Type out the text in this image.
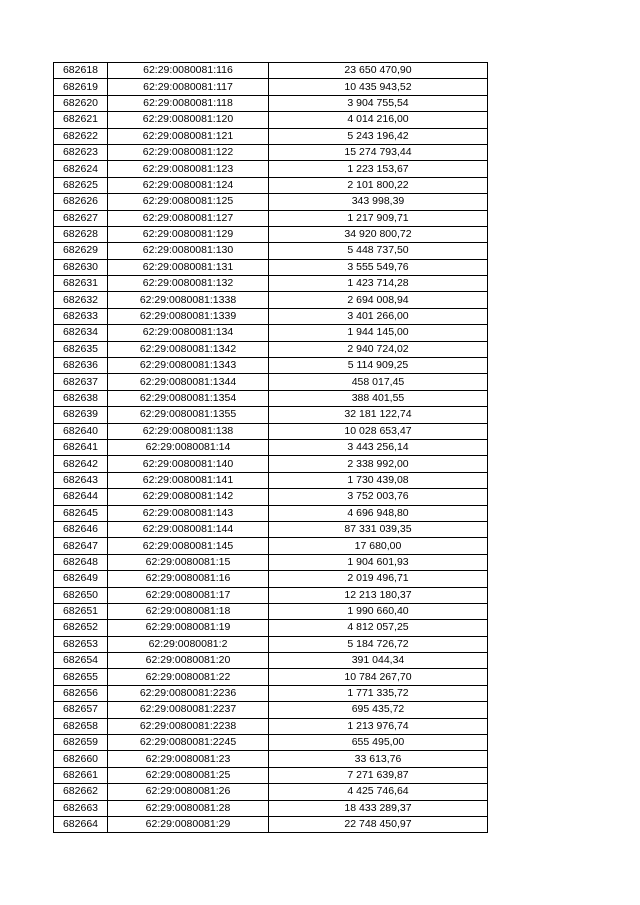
682618	62:29:0080081:116	23 650 470,90
682619	62:29:0080081:117	10 435 943,52
682620	62:29:0080081:118	3 904 755,54
682621	62:29:0080081:120	4 014 216,00
682622	62:29:0080081:121	5 243 196,42
682623	62:29:0080081:122	15 274 793,44
682624	62:29:0080081:123	1 223 153,67
682625	62:29:0080081:124	2 101 800,22
682626	62:29:0080081:125	343 998,39
682627	62:29:0080081:127	1 217 909,71
682628	62:29:0080081:129	34 920 800,72
682629	62:29:0080081:130	5 448 737,50
682630	62:29:0080081:131	3 555 549,76
682631	62:29:0080081:132	1 423 714,28
682632	62:29:0080081:1338	2 694 008,94
682633	62:29:0080081:1339	3 401 266,00
682634	62:29:0080081:134	1 944 145,00
682635	62:29:0080081:1342	2 940 724,02
682636	62:29:0080081:1343	5 114 909,25
682637	62:29:0080081:1344	458 017,45
682638	62:29:0080081:1354	388 401,55
682639	62:29:0080081:1355	32 181 122,74
682640	62:29:0080081:138	10 028 653,47
682641	62:29:0080081:14	3 443 256,14
682642	62:29:0080081:140	2 338 992,00
682643	62:29:0080081:141	1 730 439,08
682644	62:29:0080081:142	3 752 003,76
682645	62:29:0080081:143	4 696 948,80
682646	62:29:0080081:144	87 331 039,35
682647	62:29:0080081:145	17 680,00
682648	62:29:0080081:15	1 904 601,93
682649	62:29:0080081:16	2 019 496,71
682650	62:29:0080081:17	12 213 180,37
682651	62:29:0080081:18	1 990 660,40
682652	62:29:0080081:19	4 812 057,25
682653	62:29:0080081:2	5 184 726,72
682654	62:29:0080081:20	391 044,34
682655	62:29:0080081:22	10 784 267,70
682656	62:29:0080081:2236	1 771 335,72
682657	62:29:0080081:2237	695 435,72
682658	62:29:0080081:2238	1 213 976,74
682659	62:29:0080081:2245	655 495,00
682660	62:29:0080081:23	33 613,76
682661	62:29:0080081:25	7 271 639,87
682662	62:29:0080081:26	4 425 746,64
682663	62:29:0080081:28	18 433 289,37
682664	62:29:0080081:29	22 748 450,97
